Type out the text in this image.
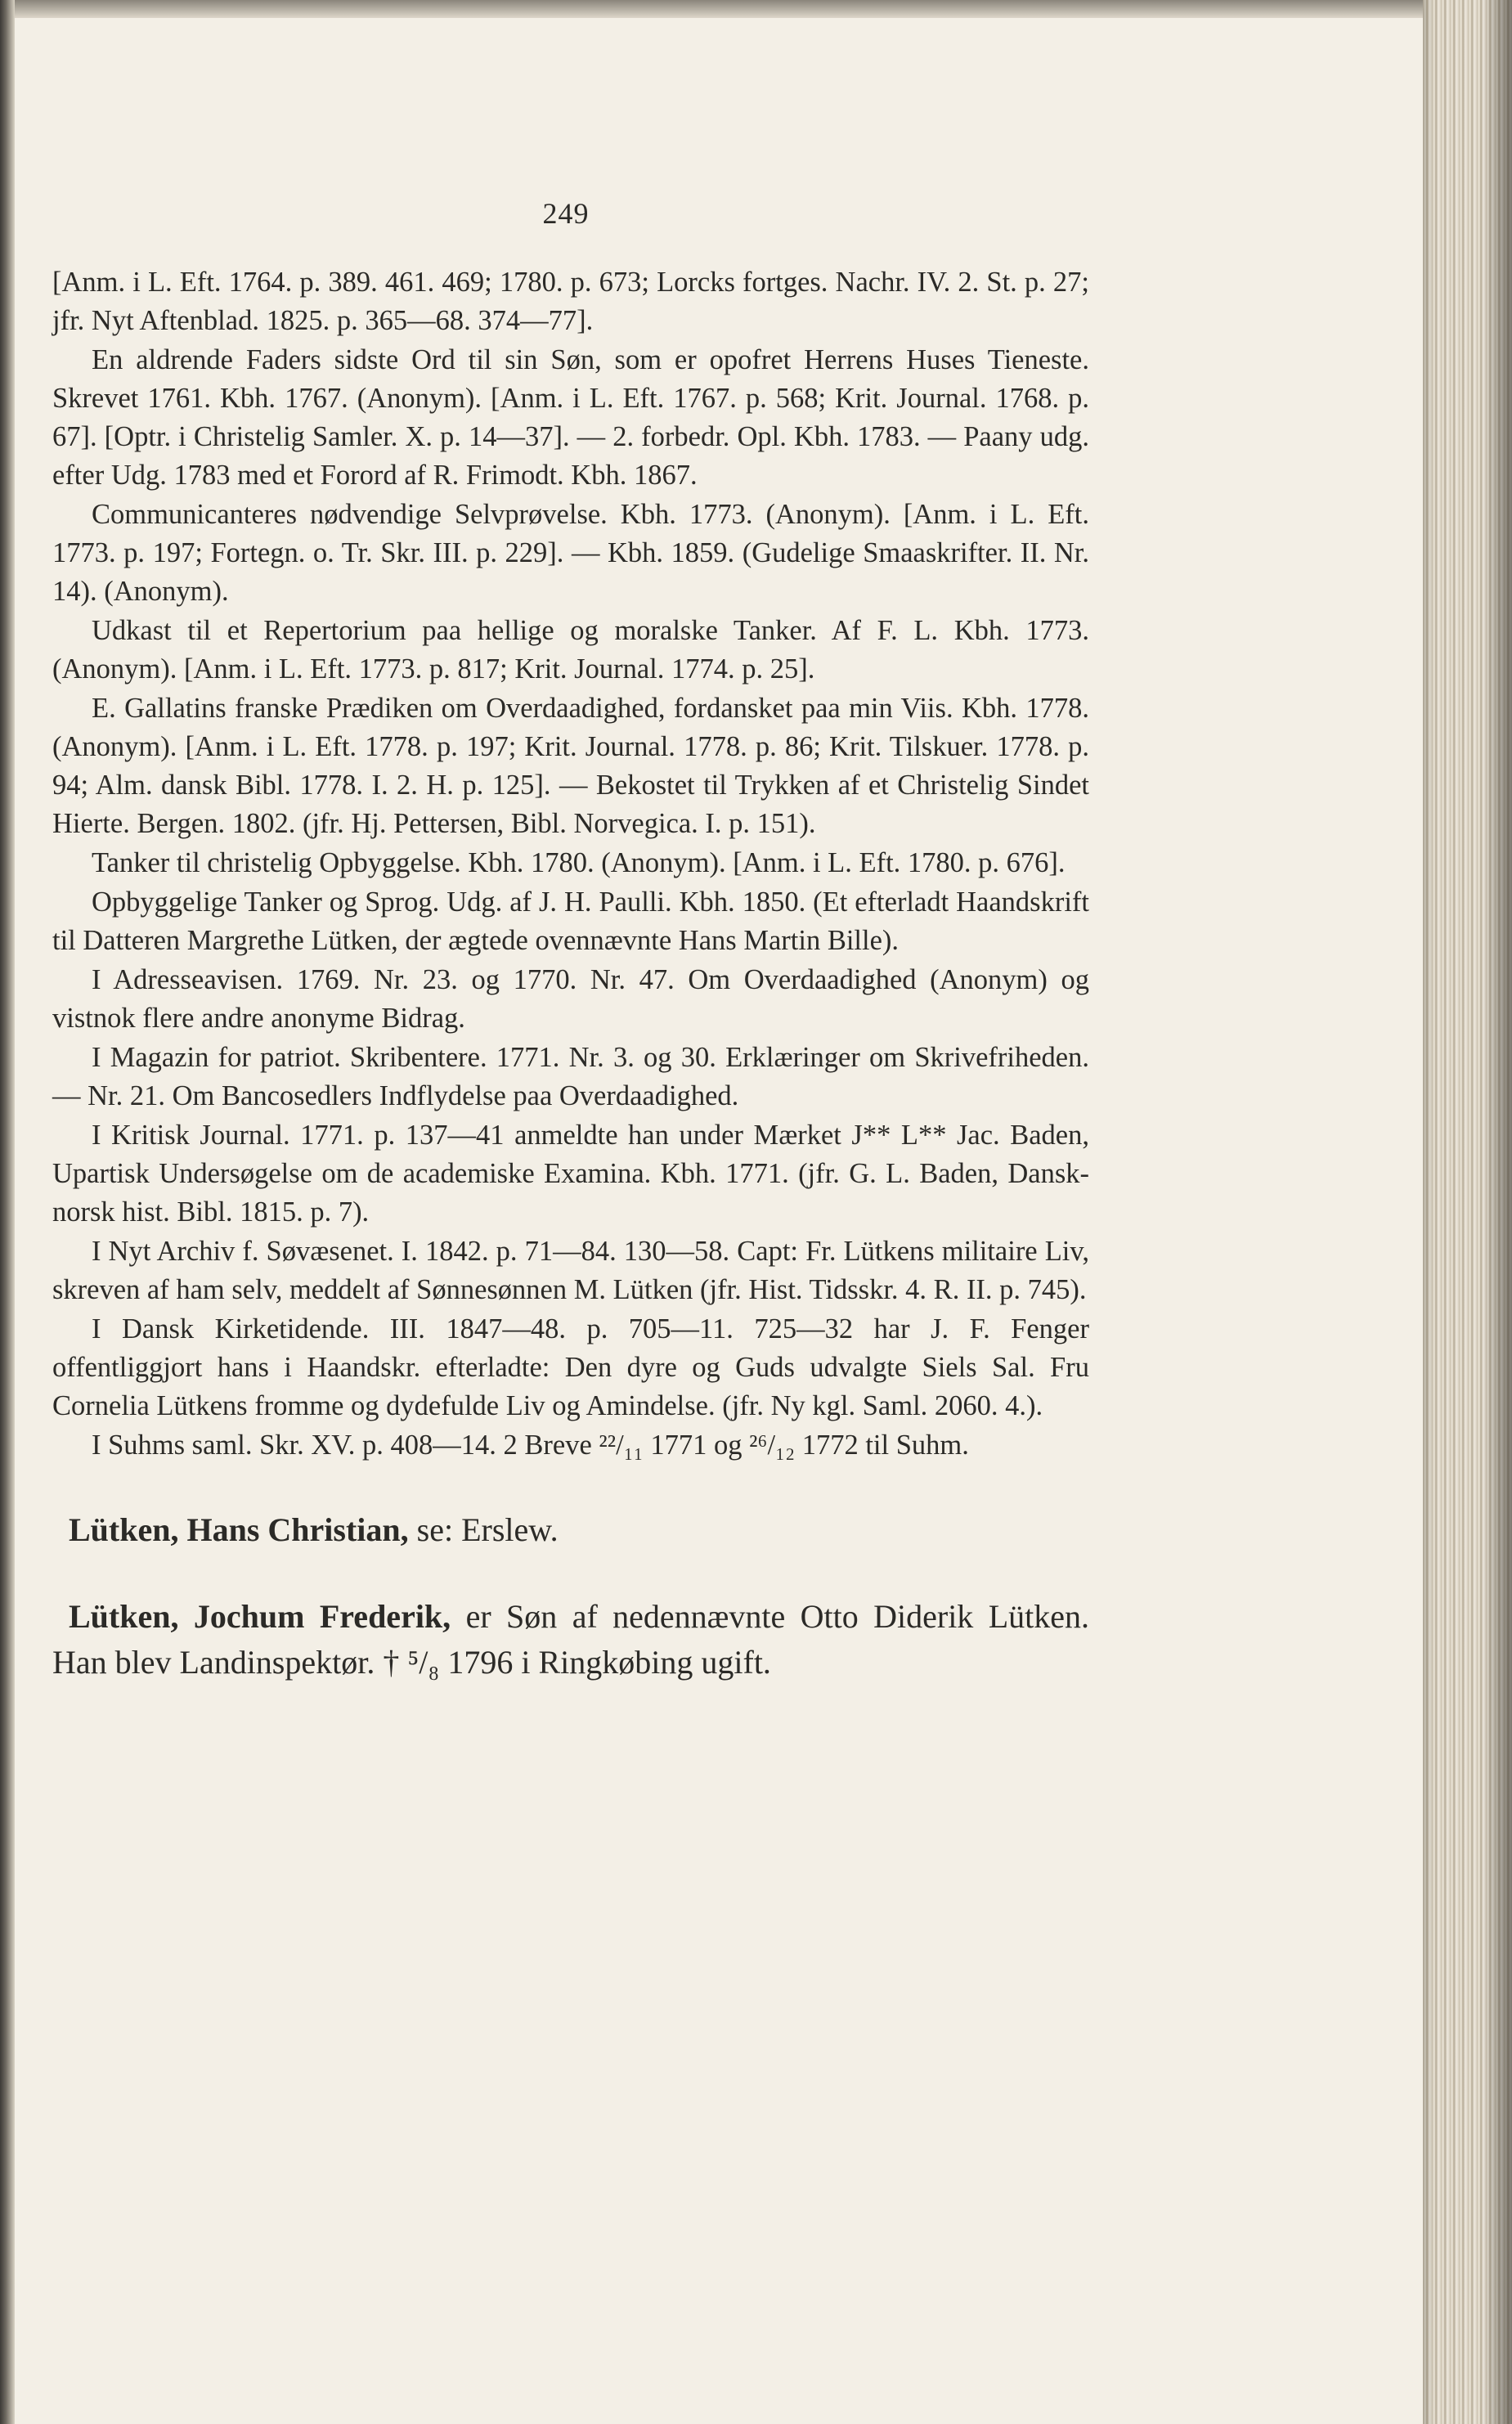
249

[Anm. i L. Eft. 1764. p. 389. 461. 469; 1780. p. 673; Lorcks fortges. Nachr. IV. 2. St. p. 27; jfr. Nyt Aftenblad. 1825. p. 365—68. 374—77].

En aldrende Faders sidste Ord til sin Søn, som er opofret Herrens Huses Tieneste. Skrevet 1761. Kbh. 1767. (Anonym). [Anm. i L. Eft. 1767. p. 568; Krit. Journal. 1768. p. 67]. [Optr. i Christelig Samler. X. p. 14—37]. — 2. forbedr. Opl. Kbh. 1783. — Paany udg. efter Udg. 1783 med et Forord af R. Frimodt. Kbh. 1867.

Communicanteres nødvendige Selvprøvelse. Kbh. 1773. (Anonym). [Anm. i L. Eft. 1773. p. 197; Fortegn. o. Tr. Skr. III. p. 229]. — Kbh. 1859. (Gudelige Smaaskrifter. II. Nr. 14). (Anonym).

Udkast til et Repertorium paa hellige og moralske Tanker. Af F. L. Kbh. 1773. (Anonym). [Anm. i L. Eft. 1773. p. 817; Krit. Journal. 1774. p. 25].

E. Gallatins franske Prædiken om Overdaadighed, fordansket paa min Viis. Kbh. 1778. (Anonym). [Anm. i L. Eft. 1778. p. 197; Krit. Journal. 1778. p. 86; Krit. Tilskuer. 1778. p. 94; Alm. dansk Bibl. 1778. I. 2. H. p. 125]. — Bekostet til Trykken af et Christelig Sindet Hierte. Bergen. 1802. (jfr. Hj. Pettersen, Bibl. Norvegica. I. p. 151).

Tanker til christelig Opbyggelse. Kbh. 1780. (Anonym). [Anm. i L. Eft. 1780. p. 676].

Opbyggelige Tanker og Sprog. Udg. af J. H. Paulli. Kbh. 1850. (Et efterladt Haandskrift til Datteren Margrethe Lütken, der ægtede ovennævnte Hans Martin Bille).

I Adresseavisen. 1769. Nr. 23. og 1770. Nr. 47. Om Overdaadighed (Anonym) og vistnok flere andre anonyme Bidrag.

I Magazin for patriot. Skribentere. 1771. Nr. 3. og 30. Erklæringer om Skrivefriheden. — Nr. 21. Om Bancosedlers Indflydelse paa Overdaadighed.

I Kritisk Journal. 1771. p. 137—41 anmeldte han under Mærket J** L** Jac. Baden, Upartisk Undersøgelse om de academiske Examina. Kbh. 1771. (jfr. G. L. Baden, Dansk-norsk hist. Bibl. 1815. p. 7).

I Nyt Archiv f. Søvæsenet. I. 1842. p. 71—84. 130—58. Capt: Fr. Lütkens militaire Liv, skreven af ham selv, meddelt af Sønnesønnen M. Lütken (jfr. Hist. Tidsskr. 4. R. II. p. 745).

I Dansk Kirketidende. III. 1847—48. p. 705—11. 725—32 har J. F. Fenger offentliggjort hans i Haandskr. efterladte: Den dyre og Guds udvalgte Siels Sal. Fru Cornelia Lütkens fromme og dydefulde Liv og Amindelse. (jfr. Ny kgl. Saml. 2060. 4.).

I Suhms saml. Skr. XV. p. 408—14. 2 Breve ²²/₁₁ 1771 og ²⁶/₁₂ 1772 til Suhm.

Lütken, Hans Christian, se: Erslew.

Lütken, Jochum Frederik, er Søn af nedennævnte Otto Diderik Lütken. Han blev Landinspektør. † ⁵/₈ 1796 i Ringkøbing ugift.
